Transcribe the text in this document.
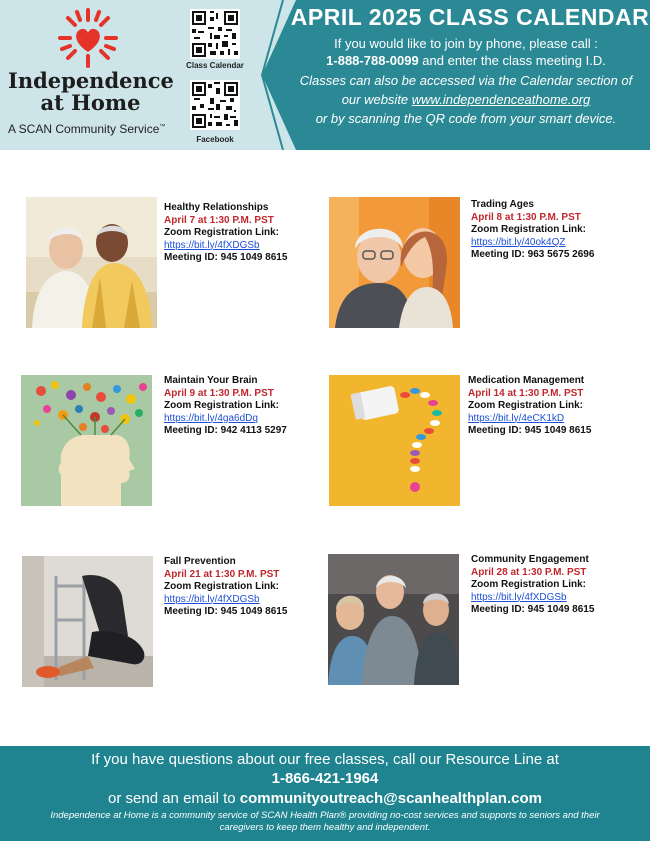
Independence at Home
A SCAN Community Service™
Class Calendar
Facebook
APRIL 2025 CLASS CALENDAR
If you would like to join by phone, please call :
1-888-788-0099 and enter the class meeting I.D.
Classes can also be accessed via the Calendar section of
our website www.independenceathome.org
or by scanning the QR code from your smart device.
Healthy Relationships
April 7 at 1:30 P.M. PST
Zoom Registration Link:
https://bit.ly/4fXDGSb
Meeting ID: 945 1049 8615
Trading Ages
April 8 at 1:30 P.M. PST
Zoom Registration Link:
https://bit.ly/40ok4QZ
Meeting ID: 963 5675 2696
Maintain Your Brain
April 9 at 1:30 P.M. PST
Zoom Registration Link:
https://bit.ly/4ga6dDq
Meeting ID: 942 4113 5297
Medication Management
April 14 at 1:30 P.M. PST
Zoom Registration Link:
https://bit.ly/4eCK1kD
Meeting ID: 945 1049 8615
Fall Prevention
April 21 at 1:30 P.M. PST
Zoom Registration Link:
https://bit.ly/4fXDGSb
Meeting ID: 945 1049 8615
Community Engagement
April 28 at 1:30 P.M. PST
Zoom Registration Link:
https://bit.ly/4fXDGSb
Meeting ID: 945 1049 8615
If you have questions about our free classes, call our Resource Line at
1-866-421-1964
or send an email to communityoutreach@scanhealthplan.com
Independence at Home is a community service of SCAN Health Plan® providing no-cost services and supports to seniors and their caregivers to keep them healthy and independent.
